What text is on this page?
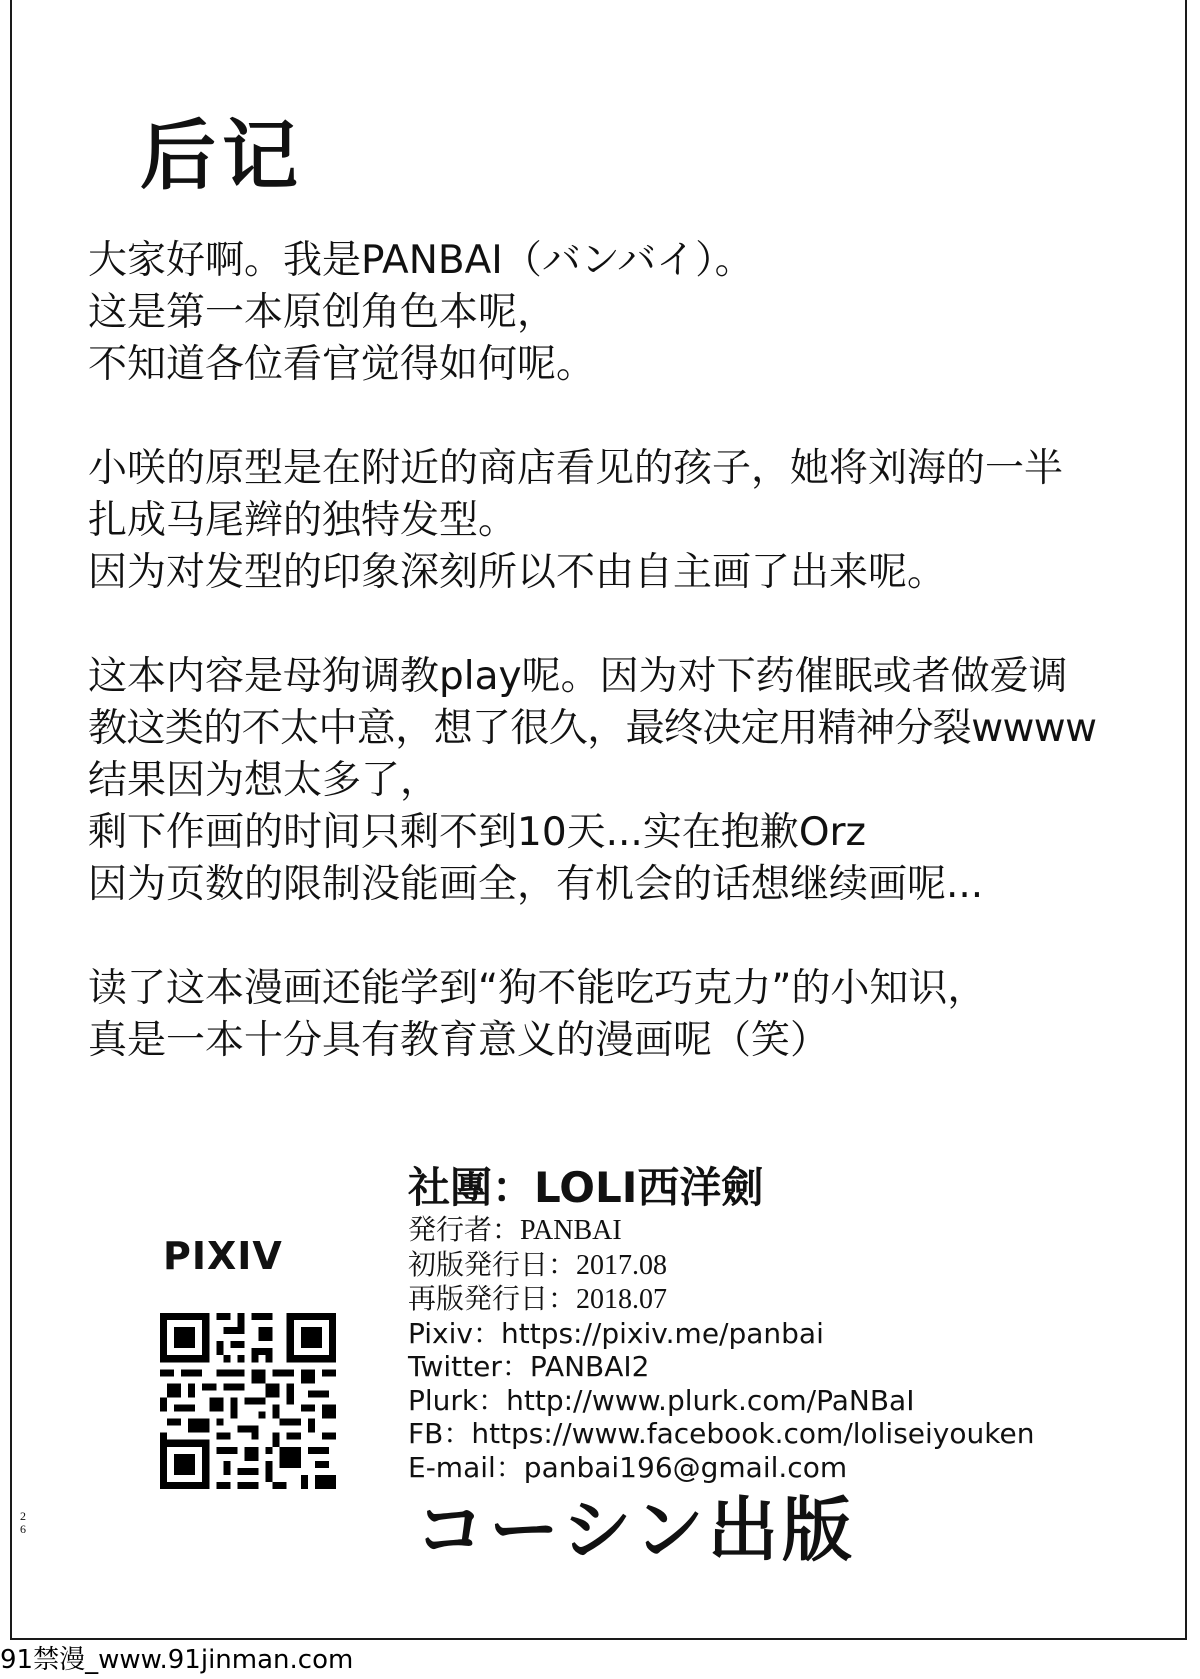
后记
大家好啊。我是PANBAI（バンバイ）。
这是第一本原创角色本呢，
不知道各位看官觉得如何呢。
小咲的原型是在附近的商店看见的孩子，她将刘海的一半
扎成马尾辫的独特发型。
因为对发型的印象深刻所以不由自主画了出来呢。
这本内容是母狗调教play呢。因为对下药催眠或者做爱调
教这类的不太中意，想了很久，最终决定用精神分裂wwww
结果因为想太多了，
剩下作画的时间只剩不到10天...实在抱歉Orz
因为页数的限制没能画全，有机会的话想继续画呢...
读了这本漫画还能学到“狗不能吃巧克力”的小知识，
真是一本十分具有教育意义的漫画呢（笑）
社團：LOLI西洋劍
発行者：PANBAI
初版発行日：2017.08
再版発行日：2018.07
Pixiv：https://pixiv.me/panbai
Twitter：PANBAI2
Plurk：http://www.plurk.com/PaNBaI
FB：https://www.facebook.com/loliseiyouken
E-mail：panbai196@gmail.com
PIXIV
2
6	コーシン出版
91禁漫_www.91jinman.com
